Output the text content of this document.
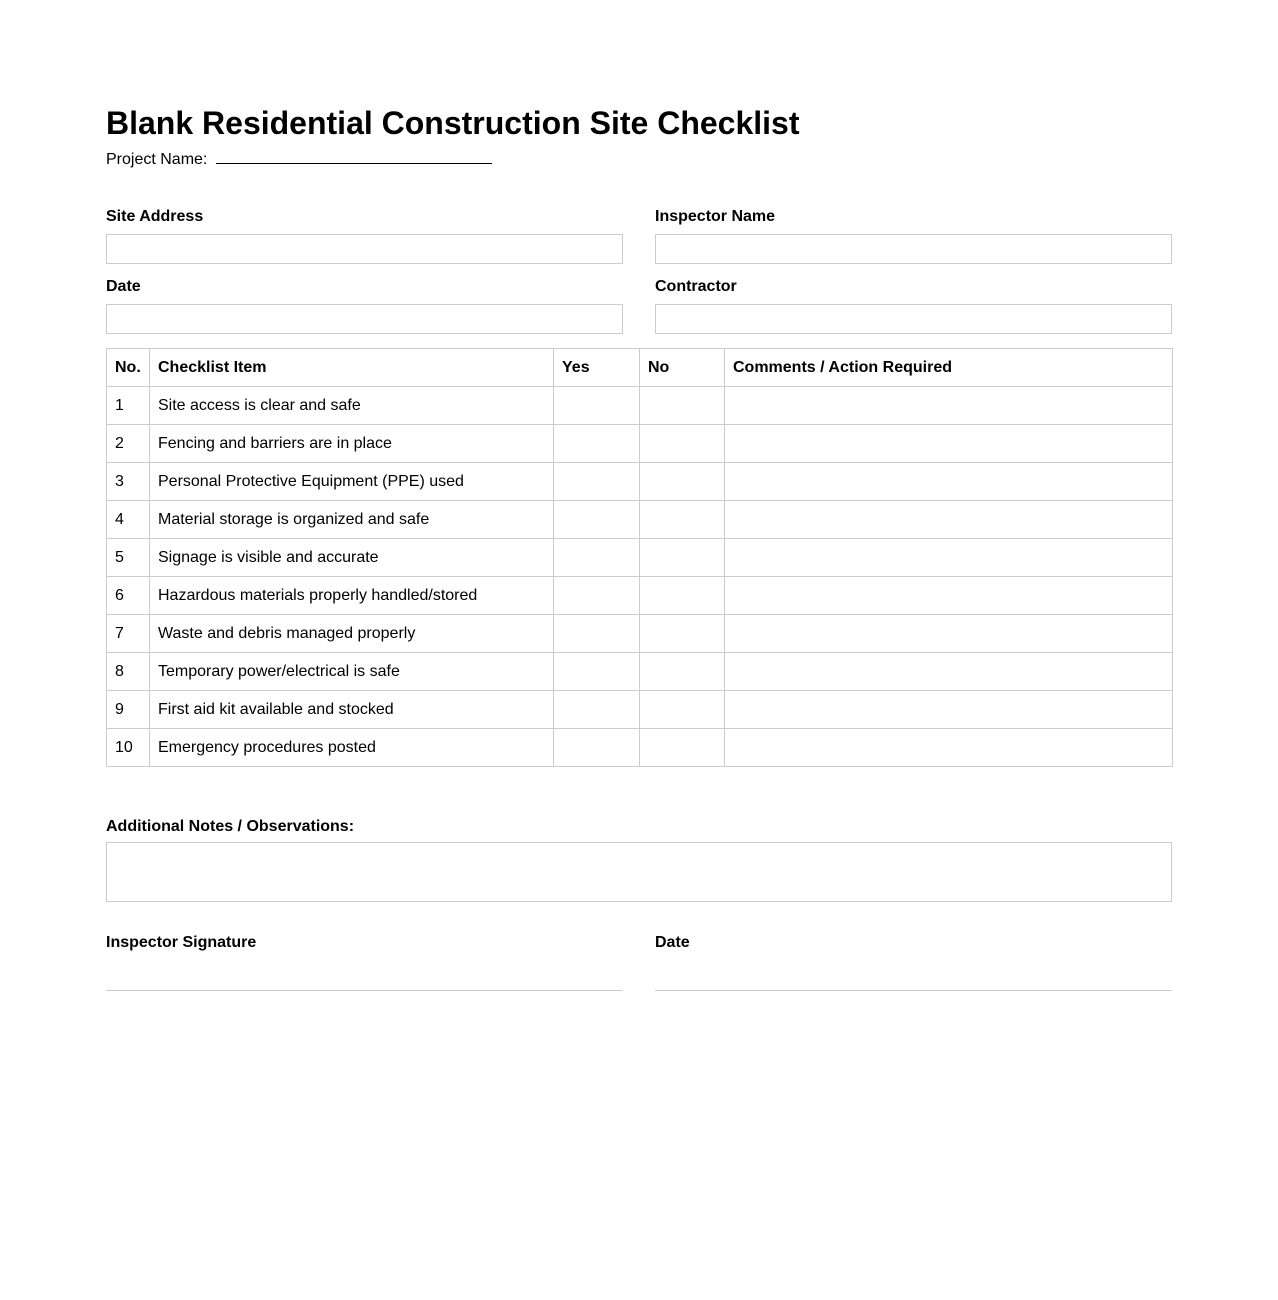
Blank Residential Construction Site Checklist
Project Name:
Site Address	Inspector Name
Date	Contractor
No.	Checklist Item	Yes	No	Comments / Action Required
1	Site access is clear and safe			
2	Fencing and barriers are in place			
3	Personal Protective Equipment (PPE) used			
4	Material storage is organized and safe			
5	Signage is visible and accurate			
6	Hazardous materials properly handled/stored			
7	Waste and debris managed properly			
8	Temporary power/electrical is safe			
9	First aid kit available and stocked			
10	Emergency procedures posted			
Additional Notes / Observations:
Inspector Signature	Date
